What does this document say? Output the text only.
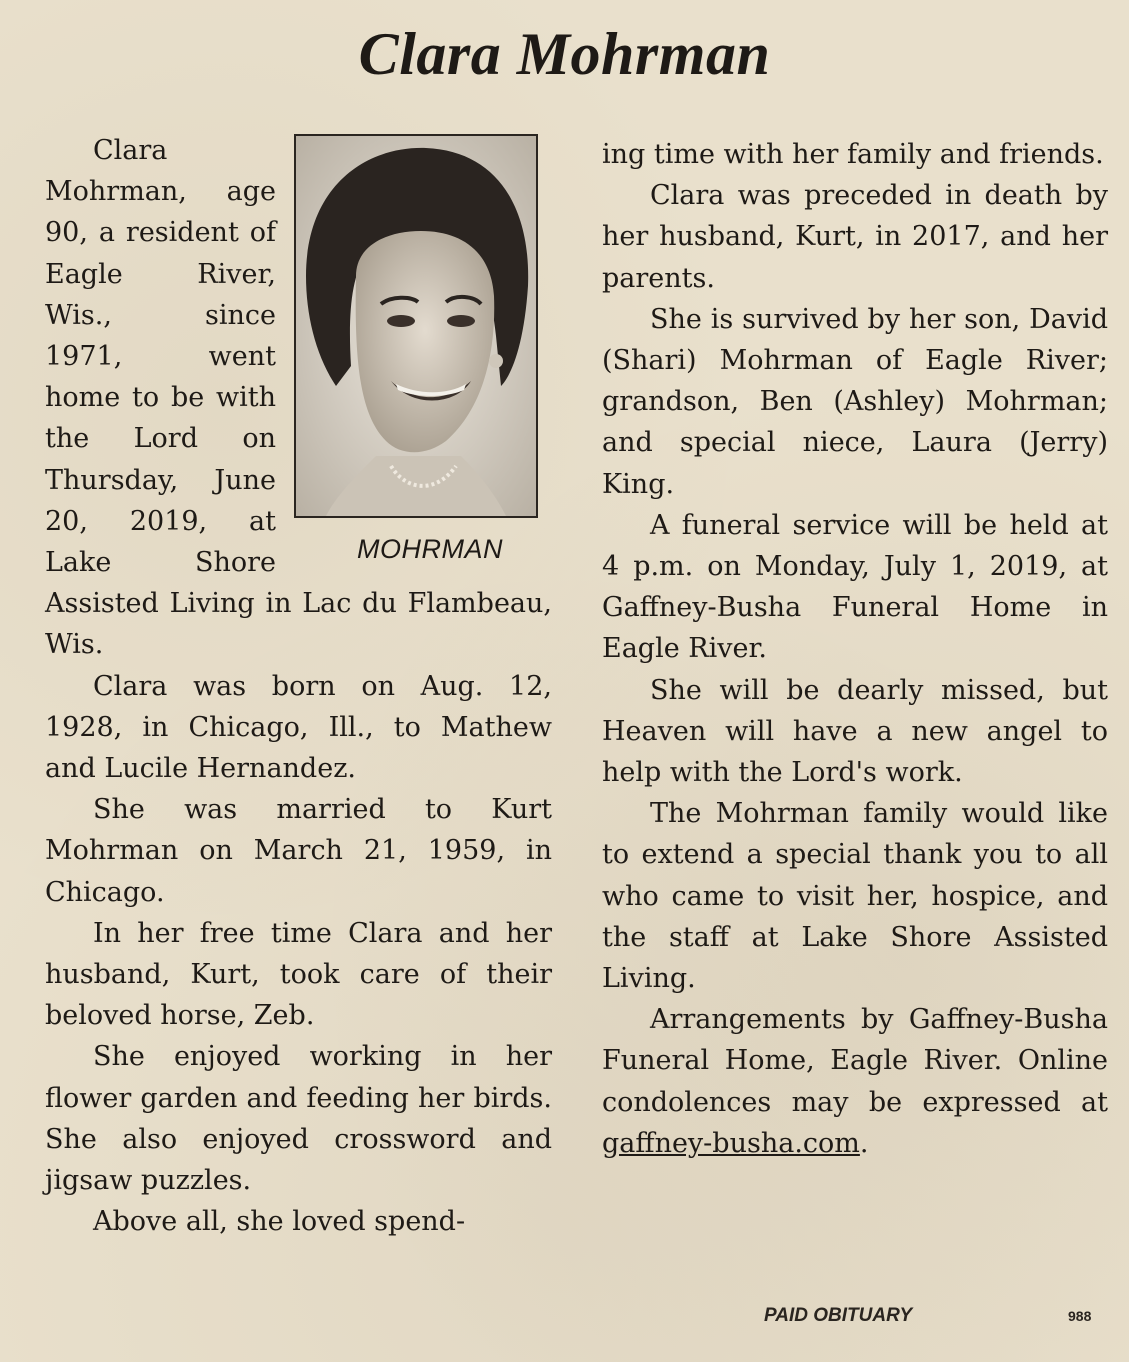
Clara Mohrman
MOHRMAN

Clara Mohrman, age 90, a resident of Eagle River, Wis., since 1971, went home to be with the Lord on Thursday, June 20, 2019, at Lake Shore Assisted Living in Lac du Flambeau, Wis.

Clara was born on Aug. 12, 1928, in Chicago, Ill., to Mathew and Lucile Hernandez.

She was married to Kurt Mohrman on March 21, 1959, in Chicago.

In her free time Clara and her husband, Kurt, took care of their beloved horse, Zeb.

She enjoyed working in her flower garden and feeding her birds. She also enjoyed crossword and jigsaw puzzles.

Above all, she loved spend-

ing time with her family and friends.

Clara was preceded in death by her husband, Kurt, in 2017, and her parents.

She is survived by her son, David (Shari) Mohrman of Eagle River; grandson, Ben (Ashley) Mohrman; and special niece, Laura (Jerry) King.

A funeral service will be held at 4 p.m. on Monday, July 1, 2019, at Gaffney-Busha Funeral Home in Eagle River.

She will be dearly missed, but Heaven will have a new angel to help with the Lord's work.

The Mohrman family would like to extend a special thank you to all who came to visit her, hospice, and the staff at Lake Shore Assisted Living.

Arrangements by Gaffney-Busha Funeral Home, Eagle River. Online condolences may be expressed at gaffney-busha.com.

PAID OBITUARY	988
